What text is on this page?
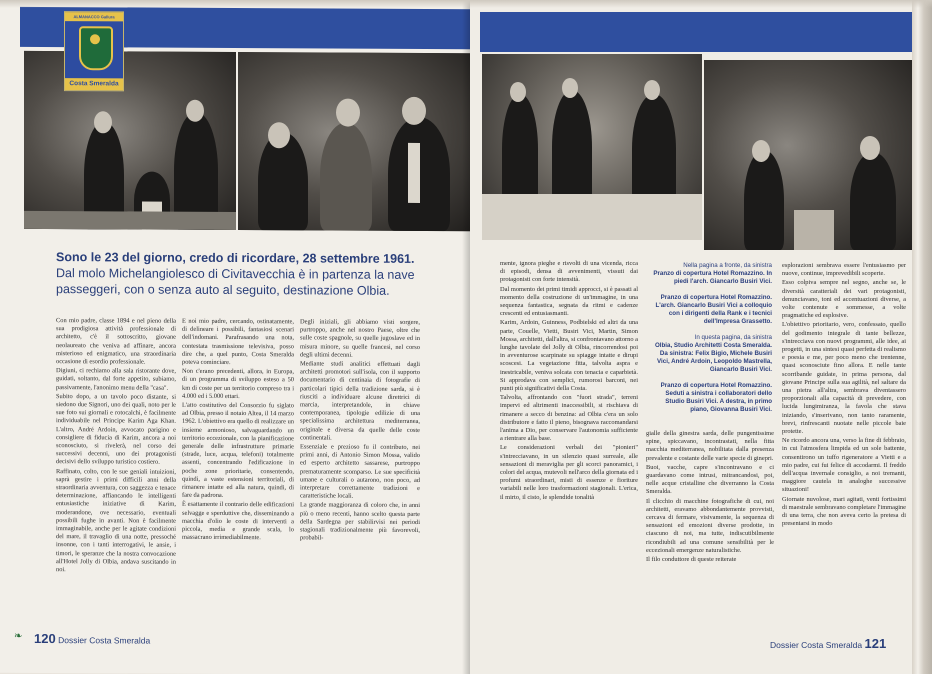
ALMANACCO Gallura
Costa Smeralda
Sono le 23 del giorno, credo di ricordare, 28 settembre 1961.
Dal molo Michelangiolesco di Civitavecchia è in partenza la nave passeggeri, con o senza auto al seguito, destinazione Olbia.

Con mio padre, classe 1894 e nel pieno della sua prodigiosa attività professionale di architetto, c'è il sottoscritto, giovane neolaureato che veniva ad affinare, ancora misterioso ed enigmatico, una straordinaria occasione di esordio professionale.

Digiuni, ci rechiamo alla sala ristorante dove, guidati, soltanto, dal forte appetito, subiamo, passivamente, l'anonimo menu della "casa".

Subito dopo, a un tavolo poco distante, si siedono due Signori, uno dei quali, noto per le sue foto sui giornali e rotocalchi, è facilmente individuabile nel Principe Karim Aga Khan. L'altro, André Ardoin, avvocato parigino e consigliere di fiducia di Karim, ancora a noi sconosciuto, si rivelerà, nel corso dei successivi decenni, uno dei protagonisti decisivi dello sviluppo turistico costiero.

Raffinato, colto, con le sue geniali intuizioni, saprà gestire i primi difficili anni della straordinaria avventura, con saggezza e tenace determinazione, affiancando le intelligenti entusiastiche iniziative di Karim, moderandone, ove necessario, eventuali possibili fughe in avanti. Non è facilmente immaginabile, anche per le agitate condizioni del mare, il travaglio di una notte, pressoché insonne, con i tanti interrogativi, le ansie, i timori, le speranze che la nostra convocazione all'Hotel Jolly di Olbia, andava suscitando in noi.

E noi mio padre, cercando, ostinatamente, di delineare i possibili, fantasiosi scenari dell'indomani. Parafrasando una nota, contestata trasmissione televisiva, posso dire che, a quel punto, Costa Smeralda poteva cominciare.

Non c'erano precedenti, allora, in Europa, di un programma di sviluppo esteso a 50 km di coste per un territorio compreso tra i 4.000 ed i 5.000 ettari.

L'atto costitutivo del Consorzio fu siglato ad Olbia, presso il notaio Altea, il 14 marzo 1962. L'obiettivo era quello di realizzare un insieme armonioso, salvaguardando un territorio eccezionale, con la pianificazione generale delle infrastrutture primarie (strade, luce, acqua, telefoni) totalmente assenti, concentrando l'edificazione in poche zone prioritarie, consentendo, quindi, a vaste estensioni territoriali, di rimanere intatte ed alla natura, quindi, di fare da padrona.

È esattamente il contrario delle edificazioni selvagge e sperduttive che, disseminando a macchia d'olio le coste di interventi a piccola, media e grande scala, lo massacrano irrimediabilmente.

Degli iniziali, gli abbiamo visti sorgere, purtroppo, anche nel nostro Paese, oltre che sulle coste spagnole, su quelle jugoslave ed in misura minore, su quelle francesi, nel corso degli ultimi decenni.

Mediante studi analitici effettuati dagli architetti promotori sull'isola, con il supporto documentario di centinaia di fotografie di particolari tipici della tradizione sarda, si è riusciti a individuare alcune direttrici di marcia, interpretandole, in chiave contemporanea, tipologie edilizie di una specialissima architettura mediterranea, originale e diversa da quelle delle coste continentali.

Essenziale e prezioso fu il contributo, nei primi anni, di Antonio Simon Mossa, valido ed esperto architetto sassarese, purtroppo prematuramente scomparso. Le sue specificità umane e culturali o autarono, non poco, ad interpretare correttamente tradizioni e caratteristiche locali.

La grande maggioranza di coloro che, in anni più o meno recenti, hanno scelto questa parte della Sardegna per stabilirvisi nei periodi stagionali tradizionalmente più favorevoli, probabil-

❧ 120 Dossier Costa Smeralda

mente, ignora pieghe e risvolti di una vicenda, ricca di episodi, densa di avvenimenti, vissuti dai protagonisti con forte intensità.

Dal momento dei primi timidi approcci, si è passati al momento della costruzione di un'immagine, in una sequenza fantastica, segnata da ritmi e cadenze crescenti ed entusiasmanti.

Karim, Ardoin, Guinness, Podbielski ed altri da una parte, Couelle, Vietti, Busiri Vici, Martin, Simon Mossa, architetti, dall'altra, si confrontavano attorno a lunghe tavolate del Jolly di Olbia, rincorrendosi poi in avventurose scarpinate su spiagge intatte e dirupi scoscesi. La vegetazione fitta, talvolta aspra e inestricabile, veniva solcata con tenacia e caparbietà. Si approdava con semplici, rumorosi barconi, nei punti più significativi della Costa.

Talvolta, affrontando con "fuori strada", terreni impervi ed altrimenti inaccessibili, si rischiava di rimanere a secco di benzina: ad Olbia c'era un solo distributore e fatto il pieno, bisognava raccomandarsi l'anima a Dio, per conservare l'autonomia sufficiente a rientrare alla base.

Le considerazioni verbali dei "pionieri" s'intrecciavano, in un silenzio quasi surreale, alle sensazioni di meraviglia per gli scorci panoramici, i colori del acqua, mutevoli nell'arco della giornata ed i profumi straordinari, misti di essenze e fioriture variabili nelle loro trasformazioni stagionali. L'erica, il mirto, il cisto, le splendide tonalità

Nella pagina a fronte, da sinistra
Pranzo di copertura Hotel Romazzino. In piedi l'arch. Giancarlo Busiri Vici.

Pranzo di copertura Hotel Romazzino. L'arch. Giancarlo Busiri Vici a colloquio con i dirigenti della Rank e i tecnici dell'Impresa Grassetto.

In questa pagina, da sinistra
Olbia, Studio Architetti Costa Smeralda. Da sinistra: Felix Bigio, Michele Busiri Vici, André Ardoin, Leopoldo Mastrella, Giancarlo Busiri Vici.

Pranzo di copertura Hotel Romazzino. Seduti a sinistra i collaboratori dello Studio Busiri Vici. A destra, in primo piano, Giovanna Busiri Vici.

gialle della ginestra sarda, delle pungentissime spine, spiccavano, incontrastati, nella fitta macchia mediterranea, nobilitata dalla presenza prevalente e costante delle varie specie di ginepri.

Buoi, vacche, capre s'incontravano e ci guardavano come intrusi, mitrancandosi, poi, nelle acque cristalline che diverranno la Costa Smeralda.

Il clicchio di macchine fotografiche di cui, noi architetti, eravamo abbondantemente provvisti, cercava di fermare, visivamente, la sequenza di sensazioni ed emozioni diverse prodotte, in ciascuno di noi, ma tutte, indiscutibilmente ricondiubili ad una comune sensibilità per le eccezionali emergenze naturalistiche.

Il filo conduttore di queste reiterate

esplorazioni sembrava essere l'entusiasmo per nuove, continue, imprevedibili scoperte.

Esso colpiva sempre nel segno, anche se, le diversità caratteriali dei vari protagonisti, denunciavano, toni ed accentuazioni diverse, a volte contenute e sommesse, a volte pragmatiche ed esplosive.

L'obiettivo prioritario, vero, confessato, quello del godimento integrale di tante bellezze, s'intrecciava con nuovi programmi, alle idee, ai progetti, in una sintesi quasi perfetta di realismo e poesia e me, per poco meno che trentenne, quasi sconosciute fino allora. E nelle tante scorribande guidate, in prima persona, dal giovane Principe sulla sua agilità, nel saltare da una pietra all'altra, sembrava diventassero proporzionali alla capacità di prevedere, con lucida lungimiranza, la favola che stava iniziando, s'inserivano, non tanto raramente, brevi, rinfrescanti nuotate nelle piccole baie protette.

Ne ricordo ancora una, verso la fine di febbraio, in cui l'atmosfera limpida ed un sole battente, consentirono un tuffo rigeneratore a Vietti e a mio padre, cui fui felice di accodarmi. Il freddo dell'acqua invernale consiglio, a noi tremanti, maggiore cautela in analoghe successive situazioni!

Giornate nuvolose, mari agitati, venti fortissimi di maestrale sembravano completare l'immagine di una terra, che non aveva certo la pretesa di presentarsi in modo

Dossier Costa Smeralda 121
